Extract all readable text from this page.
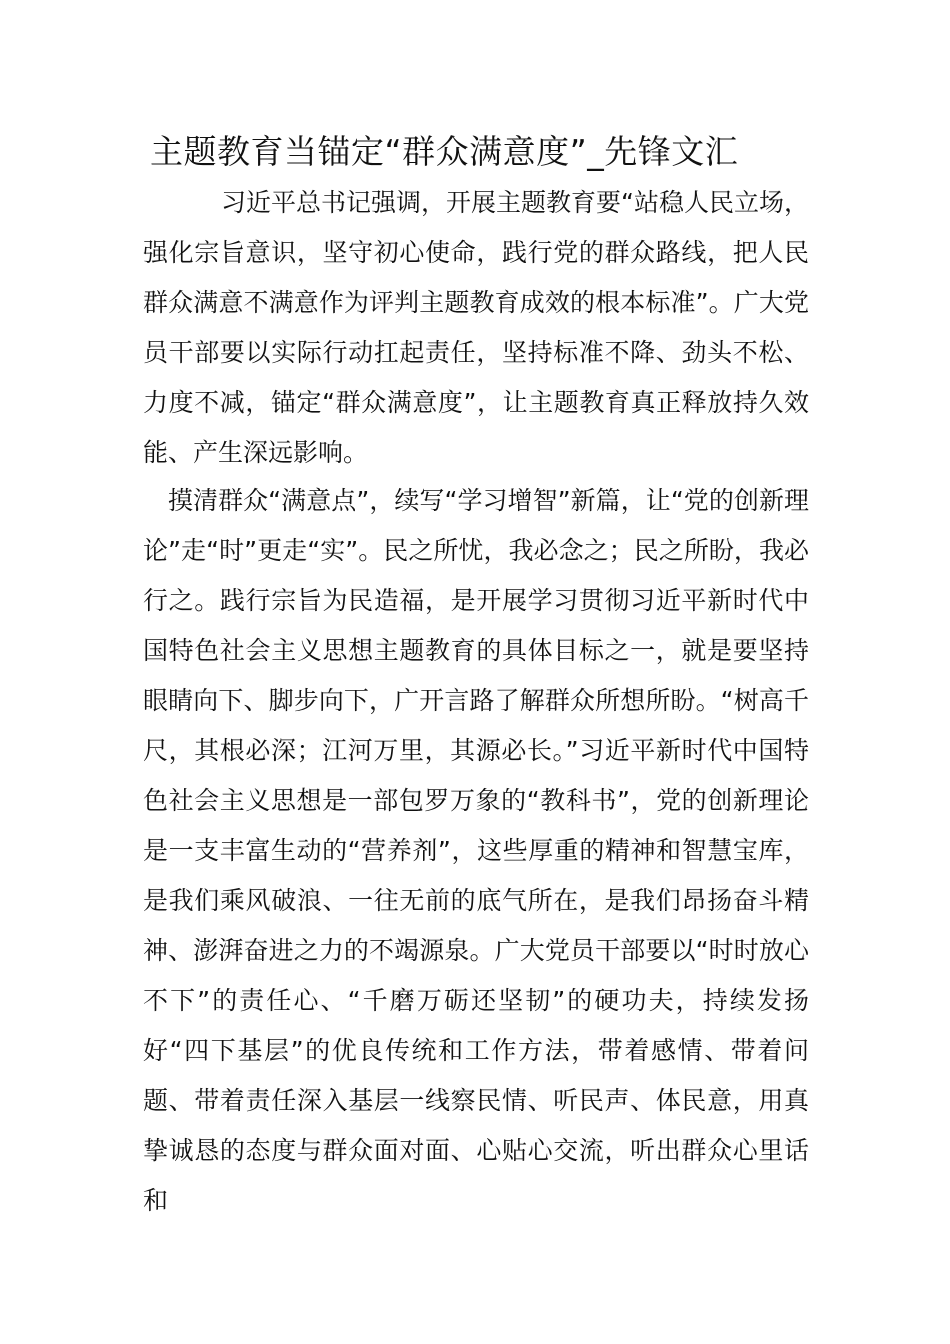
主题教育当锚定“群众满意度”_先锋文汇

习近平总书记强调，开展主题教育要“站稳人民立场，强化宗旨意识，坚守初心使命，践行党的群众路线，把人民群众满意不满意作为评判主题教育成效的根本标准”。广大党员干部要以实际行动扛起责任，坚持标准不降、劲头不松、力度不减，锚定“群众满意度”，让主题教育真正释放持久效能、产生深远影响。

摸清群众“满意点”，续写“学习增智”新篇，让“党的创新理论”走“时”更走“实”。民之所忧，我必念之；民之所盼，我必行之。践行宗旨为民造福，是开展学习贯彻习近平新时代中国特色社会主义思想主题教育的具体目标之一，就是要坚持眼睛向下、脚步向下，广开言路了解群众所想所盼。“树高千尺，其根必深；江河万里，其源必长。”习近平新时代中国特色社会主义思想是一部包罗万象的“教科书”，党的创新理论是一支丰富生动的“营养剂”，这些厚重的精神和智慧宝库，是我们乘风破浪、一往无前的底气所在，是我们昂扬奋斗精神、澎湃奋进之力的不竭源泉。广大党员干部要以“时时放心不下”的责任心、“千磨万砺还坚韧”的硬功夫，持续发扬好“四下基层”的优良传统和工作方法，带着感情、带着问题、带着责任深入基层一线察民情、听民声、体民意，用真挚诚恳的态度与群众面对面、心贴心交流，听出群众心里话和
